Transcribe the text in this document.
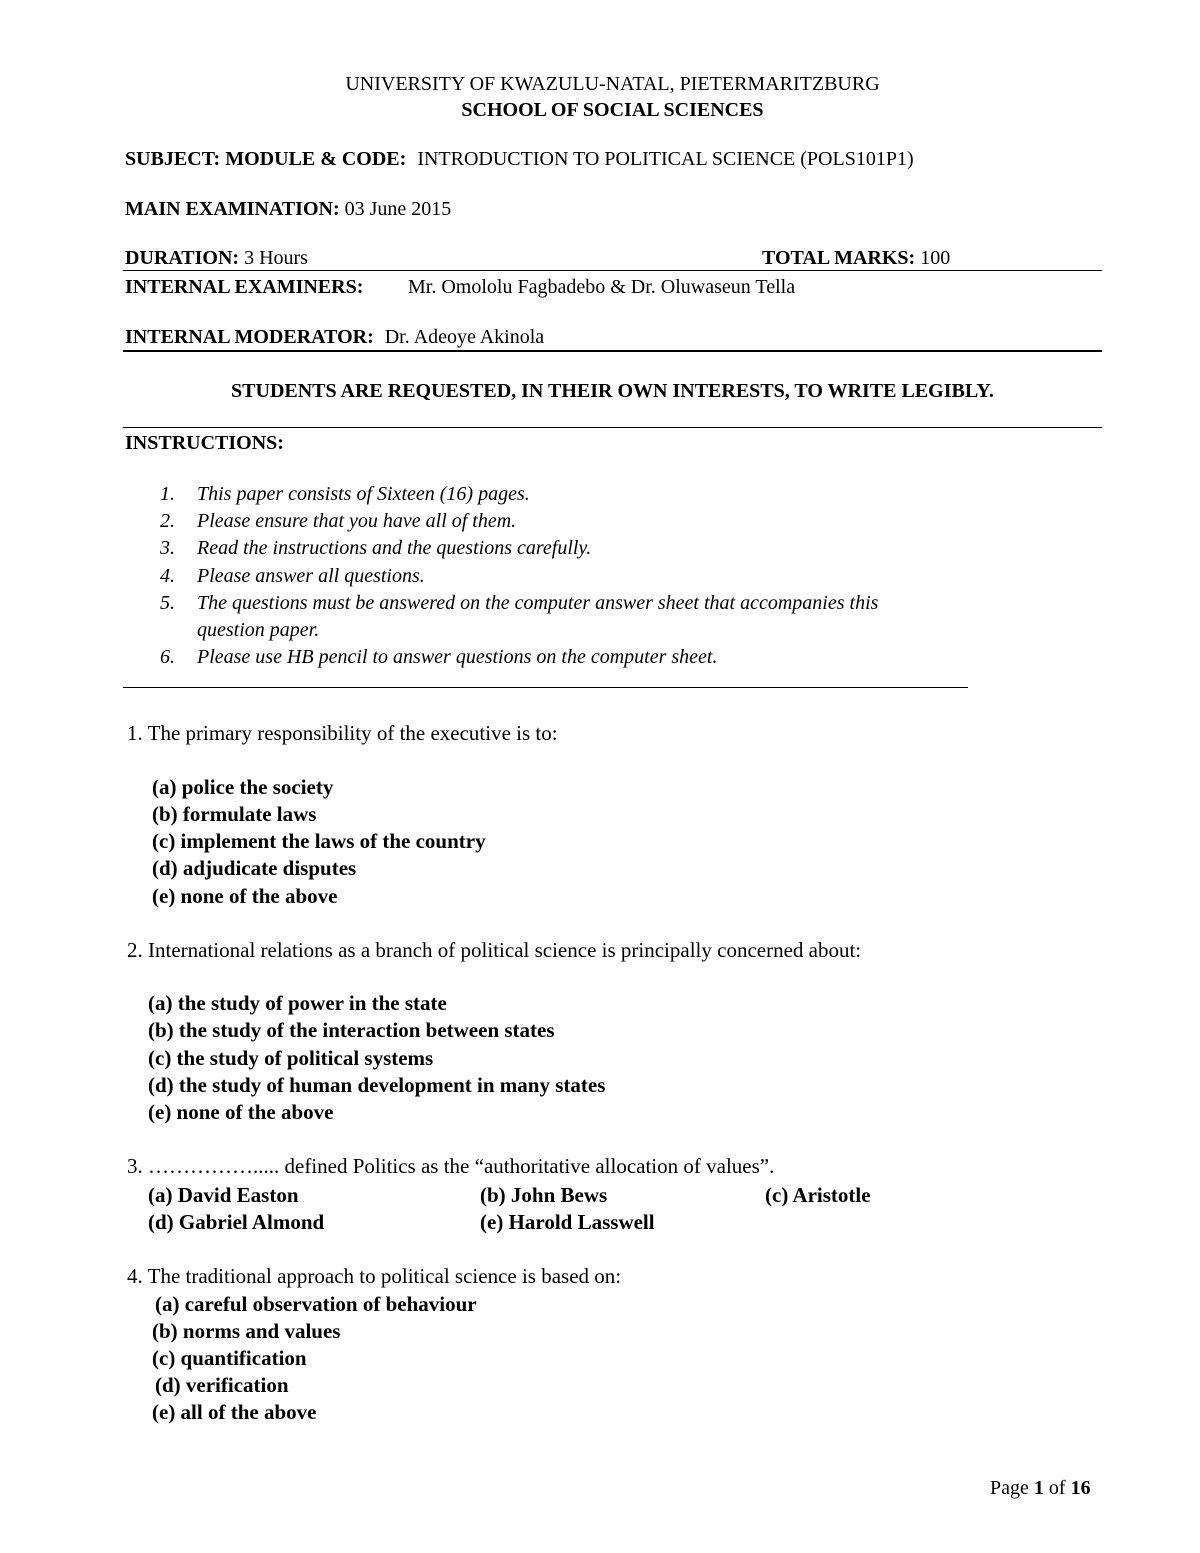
UNIVERSITY OF KWAZULU-NATAL, PIETERMARITZBURG
SCHOOL OF SOCIAL SCIENCES
SUBJECT: MODULE & CODE: INTRODUCTION TO POLITICAL SCIENCE (POLS101P1)
MAIN EXAMINATION: 03 June 2015
DURATION: 3 Hours	TOTAL MARKS: 100
INTERNAL EXAMINERS: Mr. Omololu Fagbadebo & Dr. Oluwaseun Tella
INTERNAL MODERATOR: Dr. Adeoye Akinola
STUDENTS ARE REQUESTED, IN THEIR OWN INTERESTS, TO WRITE LEGIBLY.
INSTRUCTIONS:
1. This paper consists of Sixteen (16) pages.
2. Please ensure that you have all of them.
3. Read the instructions and the questions carefully.
4. Please answer all questions.
5. The questions must be answered on the computer answer sheet that accompanies this
question paper.
6. Please use HB pencil to answer questions on the computer sheet.
1. The primary responsibility of the executive is to:
(a) police the society
(b) formulate laws
(c) implement the laws of the country
(d) adjudicate disputes
(e) none of the above
2. International relations as a branch of political science is principally concerned about:
(a) the study of power in the state
(b) the study of the interaction between states
(c) the study of political systems
(d) the study of human development in many states
(e) none of the above
3. ……………..... defined Politics as the “authoritative allocation of values”.
(a) David Easton	(b) John Bews	(c) Aristotle
(d) Gabriel Almond	(e) Harold Lasswell
4. The traditional approach to political science is based on:
(a) careful observation of behaviour
(b) norms and values
(c) quantification
(d) verification
(e) all of the above
Page 1 of 16
